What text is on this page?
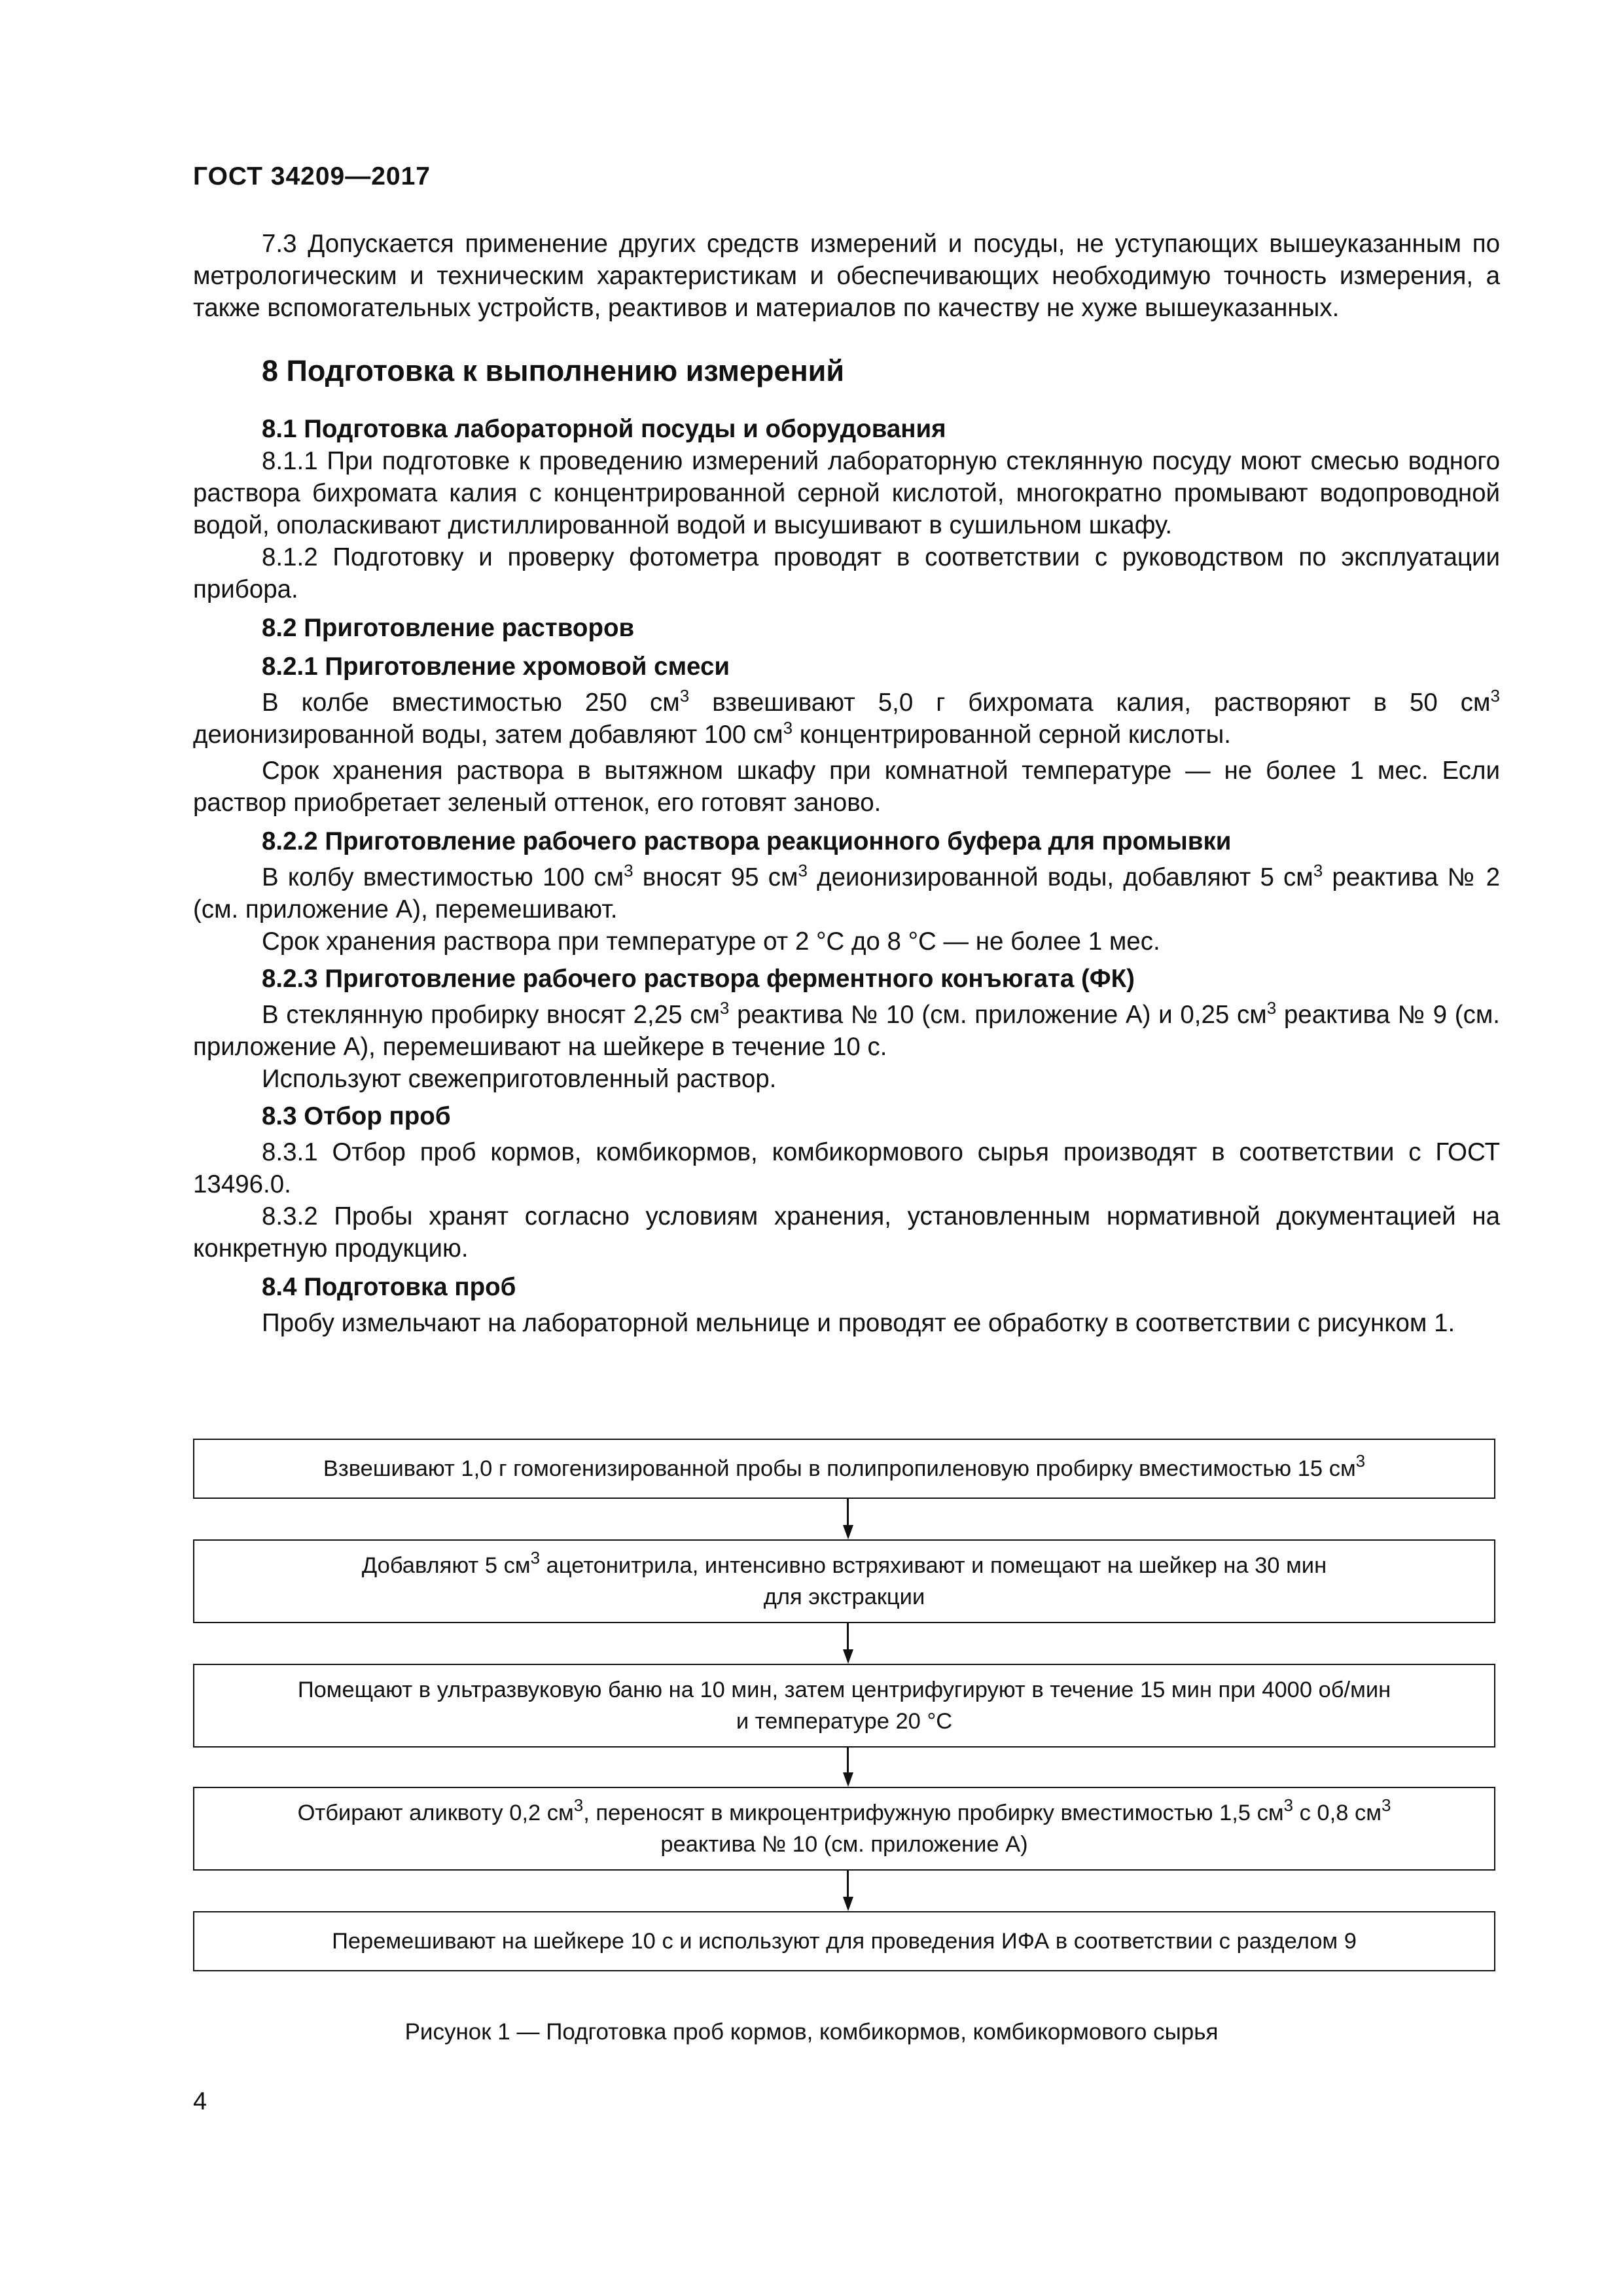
ГОСТ 34209—2017

7.3 Допускается применение других средств измерений и посуды, не уступающих вышеуказанным по метрологическим и техническим характеристикам и обеспечивающих необходимую точность измерения, а также вспомогательных устройств, реактивов и материалов по качеству не хуже вышеуказанных.

8 Подготовка к выполнению измерений

8.1 Подготовка лабораторной посуды и оборудования

8.1.1 При подготовке к проведению измерений лабораторную стеклянную посуду моют смесью водного раствора бихромата калия с концентрированной серной кислотой, многократно промывают водопроводной водой, ополаскивают дистиллированной водой и высушивают в сушильном шкафу.

8.1.2 Подготовку и проверку фотометра проводят в соответствии с руководством по эксплуатации прибора.

8.2 Приготовление растворов

8.2.1 Приготовление хромовой смеси

В колбе вместимостью 250 $см^3$ взвешивают 5,0 г бихромата калия, растворяют в 50 $см^3$ деионизированной воды, затем добавляют 100 $см^3$ концентрированной серной кислоты.

Срок хранения раствора в вытяжном шкафу при комнатной температуре — не более 1 мес. Если раствор приобретает зеленый оттенок, его готовят заново.

8.2.2 Приготовление рабочего раствора реакционного буфера для промывки

В колбу вместимостью 100 $см^3$ вносят 95 $см^3$ деионизированной воды, добавляют 5 $см^3$ реактива № 2 (см. приложение А), перемешивают.

Срок хранения раствора при температуре от 2 °С до 8 °С — не более 1 мес.

8.2.3 Приготовление рабочего раствора ферментного конъюгата (ФК)

В стеклянную пробирку вносят 2,25 $см^3$ реактива № 10 (см. приложение А) и 0,25 $см^3$ реактива № 9 (см. приложение А), перемешивают на шейкере в течение 10 с.

Используют свежеприготовленный раствор.

8.3 Отбор проб

8.3.1 Отбор проб кормов, комбикормов, комбикормового сырья производят в соответствии с ГОСТ 13496.0.

8.3.2 Пробы хранят согласно условиям хранения, установленным нормативной документацией на конкретную продукцию.

8.4 Подготовка проб

Пробу измельчают на лабораторной мельнице и проводят ее обработку в соответствии с рисунком 1.

Взвешивают 1,0 г гомогенизированной пробы в полипропиленовую пробирку вместимостью 15 $см^3$
Добавляют 5 $см^3$ ацетонитрила, интенсивно встряхивают и помещают на шейкер на 30 мин
для экстракции
Помещают в ультразвуковую баню на 10 мин, затем центрифугируют в течение 15 мин при 4000 об/мин
и температуре 20 °С
Отбирают аликвоту 0,2 $см^3$, переносят в микроцентрифужную пробирку вместимостью 1,5 $см^3$ с 0,8 $см^3$
реактива № 10 (см. приложение А)
Перемешивают на шейкере 10 с и используют для проведения ИФА в соответствии с разделом 9
Рисунок 1 — Подготовка проб кормов, комбикормов, комбикормового сырья
4
